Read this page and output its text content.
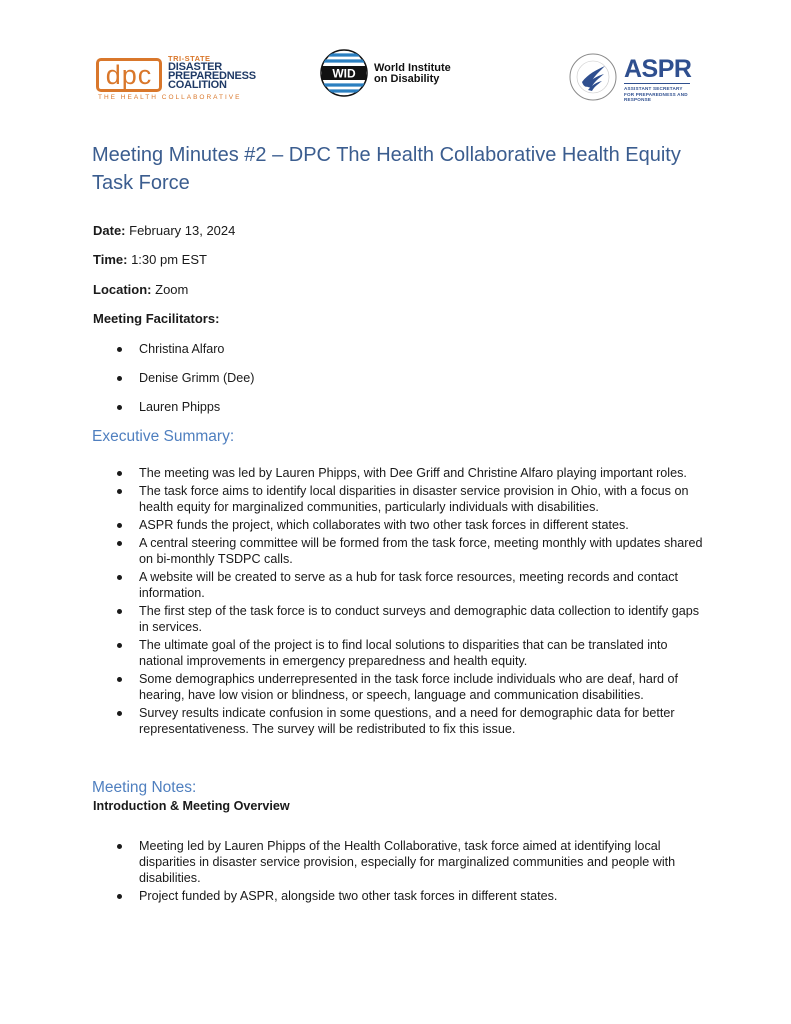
dpc
TRI-STATE
DISASTER
PREPAREDNESS
COALITION
THE HEALTH COLLABORATIVE
WID World Institute
on Disability	ASPR
ASSISTANT SECRETARY FOR PREPAREDNESS AND RESPONSE
Meeting Minutes #2 – DPC The Health Collaborative Health Equity Task Force
Date: February 13, 2024
Time: 1:30 pm EST
Location: Zoom
Meeting Facilitators:
Christina Alfaro
Denise Grimm (Dee)
Lauren Phipps
Executive Summary:
The meeting was led by Lauren Phipps, with Dee Griff and Christine Alfaro playing important roles.
The task force aims to identify local disparities in disaster service provision in Ohio, with a focus on health equity for marginalized communities, particularly individuals with disabilities.
ASPR funds the project, which collaborates with two other task forces in different states.
A central steering committee will be formed from the task force, meeting monthly with updates shared on bi-monthly TSDPC calls.
A website will be created to serve as a hub for task force resources, meeting records and contact information.
The first step of the task force is to conduct surveys and demographic data collection to identify gaps in services.
The ultimate goal of the project is to find local solutions to disparities that can be translated into national improvements in emergency preparedness and health equity.
Some demographics underrepresented in the task force include individuals who are deaf, hard of hearing, have low vision or blindness, or speech, language and communication disabilities.
Survey results indicate confusion in some questions, and a need for demographic data for better representativeness. The survey will be redistributed to fix this issue.
Meeting Notes:
Introduction & Meeting Overview
Meeting led by Lauren Phipps of the Health Collaborative, task force aimed at identifying local disparities in disaster service provision, especially for marginalized communities and people with disabilities.
Project funded by ASPR, alongside two other task forces in different states.
